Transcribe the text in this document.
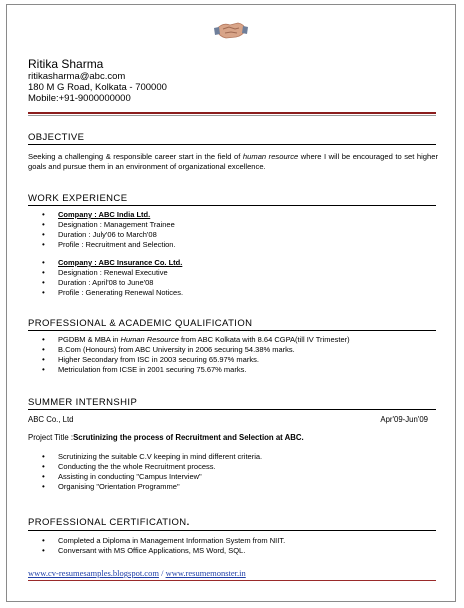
Ritika Sharma
ritikasharma@abc.com
180 M G Road, Kolkata - 700000
Mobile:+91-9000000000
OBJECTIVE
Seeking a challenging & responsible career start in the field of human resource where I will be encouraged to set higher goals and pursue them in an environment of organizational excellence.
WORK EXPERIENCE
• Company : ABC India Ltd.
• Designation : Management Trainee
• Duration : July'06 to March'08
• Profile : Recruitment and Selection.
• Company : ABC Insurance Co. Ltd.
• Designation : Renewal Executive
• Duration : April'08 to June'08
• Profile : Generating Renewal Notices.
PROFESSIONAL & ACADEMIC QUALIFICATION
• PGDBM & MBA in Human Resource from ABC Kolkata with 8.64 CGPA(till IV Trimester)
• B.Com (Honours) from ABC University in 2006 securing 54.38% marks.
• Higher Secondary from ISC in 2003 securing 65.97% marks.
• Metriculation from ICSE in 2001 securing 75.67% marks.
SUMMER INTERNSHIP
ABC Co., Ltd	Apr'09-Jun'09
Project Title :Scrutinizing the process of Recruitment and Selection at ABC.
• Scrutinizing the suitable C.V keeping in mind different criteria.
• Conducting the the whole Recruitment process.
• Assisting in conducting "Campus Interview"
• Organising "Orientation Programme"
PROFESSIONAL CERTIFICATION.
• Completed a Diploma in Management Information System from NIIT.
• Conversant with MS Office Applications, MS Word, SQL.
www.cv-resumesamples.blogspot.com / www.resumemonster.in
